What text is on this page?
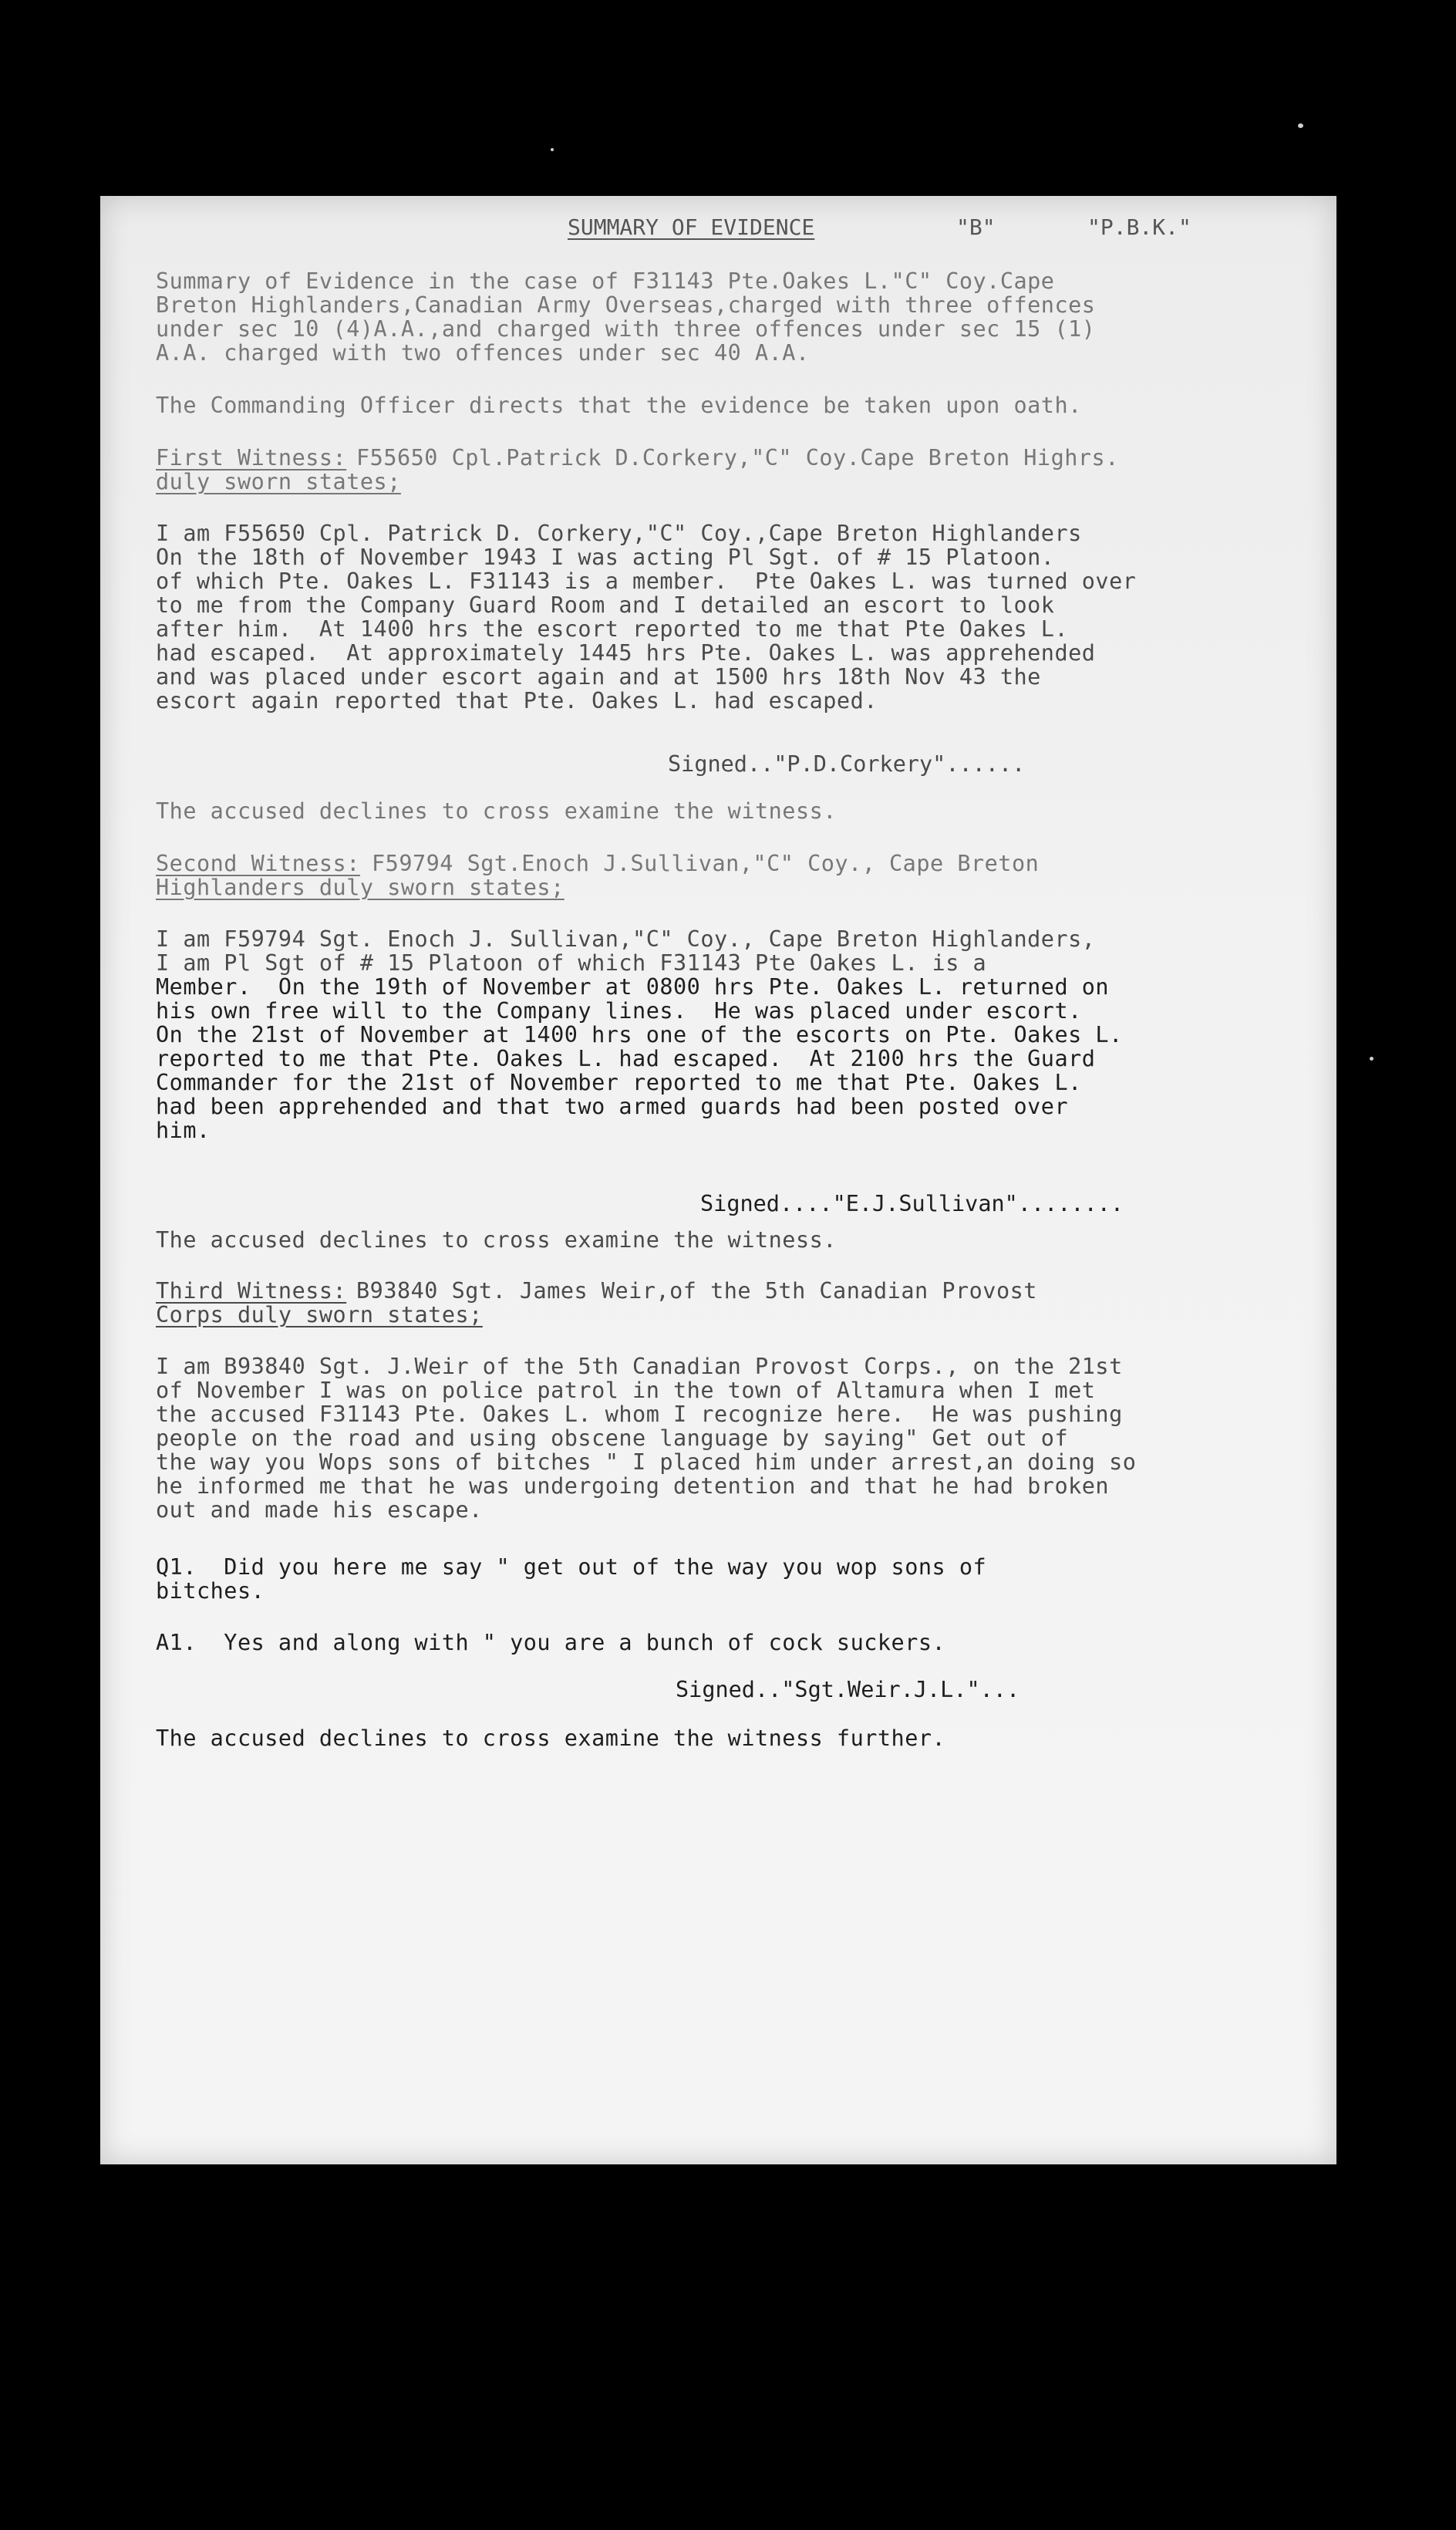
SUMMARY OF EVIDENCE	"B"	"P.B.K."
Summary of Evidence in the case of F31143 Pte.Oakes L."C" Coy.Cape
Breton Highlanders,Canadian Army Overseas,charged with three offences
under sec 10 (4)A.A.,and charged with three offences under sec 15 (1)
A.A. charged with two offences under sec 40 A.A.
The Commanding Officer directs that the evidence be taken upon oath.
First Witness: F55650 Cpl.Patrick D.Corkery,"C" Coy.Cape Breton Highrs.
duly sworn states;
I am F55650 Cpl. Patrick D. Corkery,"C" Coy.,Cape Breton Highlanders
On the 18th of November 1943 I was acting Pl Sgt. of # 15 Platoon.
of which Pte. Oakes L. F31143 is a member.  Pte Oakes L. was turned over
to me from the Company Guard Room and I detailed an escort to look
after him.  At 1400 hrs the escort reported to me that Pte Oakes L.
had escaped.  At approximately 1445 hrs Pte. Oakes L. was apprehended
and was placed under escort again and at 1500 hrs 18th Nov 43 the
escort again reported that Pte. Oakes L. had escaped.
Signed.."P.D.Corkery"......
The accused declines to cross examine the witness.
Second Witness: F59794 Sgt.Enoch J.Sullivan,"C" Coy., Cape Breton
Highlanders duly sworn states;
I am F59794 Sgt. Enoch J. Sullivan,"C" Coy., Cape Breton Highlanders,
I am Pl Sgt of # 15 Platoon of which F31143 Pte Oakes L. is a
Member.  On the 19th of November at 0800 hrs Pte. Oakes L. returned on
his own free will to the Company lines.  He was placed under escort.
On the 21st of November at 1400 hrs one of the escorts on Pte. Oakes L.
reported to me that Pte. Oakes L. had escaped.  At 2100 hrs the Guard
Commander for the 21st of November reported to me that Pte. Oakes L.
had been apprehended and that two armed guards had been posted over
him.
Signed...."E.J.Sullivan"........
The accused declines to cross examine the witness.
Third Witness: B93840 Sgt. James Weir,of the 5th Canadian Provost
Corps duly sworn states;
I am B93840 Sgt. J.Weir of the 5th Canadian Provost Corps., on the 21st
of November I was on police patrol in the town of Altamura when I met
the accused F31143 Pte. Oakes L. whom I recognize here.  He was pushing
people on the road and using obscene language by saying" Get out of
the way you Wops sons of bitches " I placed him under arrest,an doing so
he informed me that he was undergoing detention and that he had broken
out and made his escape.
Q1.  Did you here me say " get out of the way you wop sons of
bitches.
A1.  Yes and along with " you are a bunch of cock suckers.
Signed.."Sgt.Weir.J.L."...
The accused declines to cross examine the witness further.
